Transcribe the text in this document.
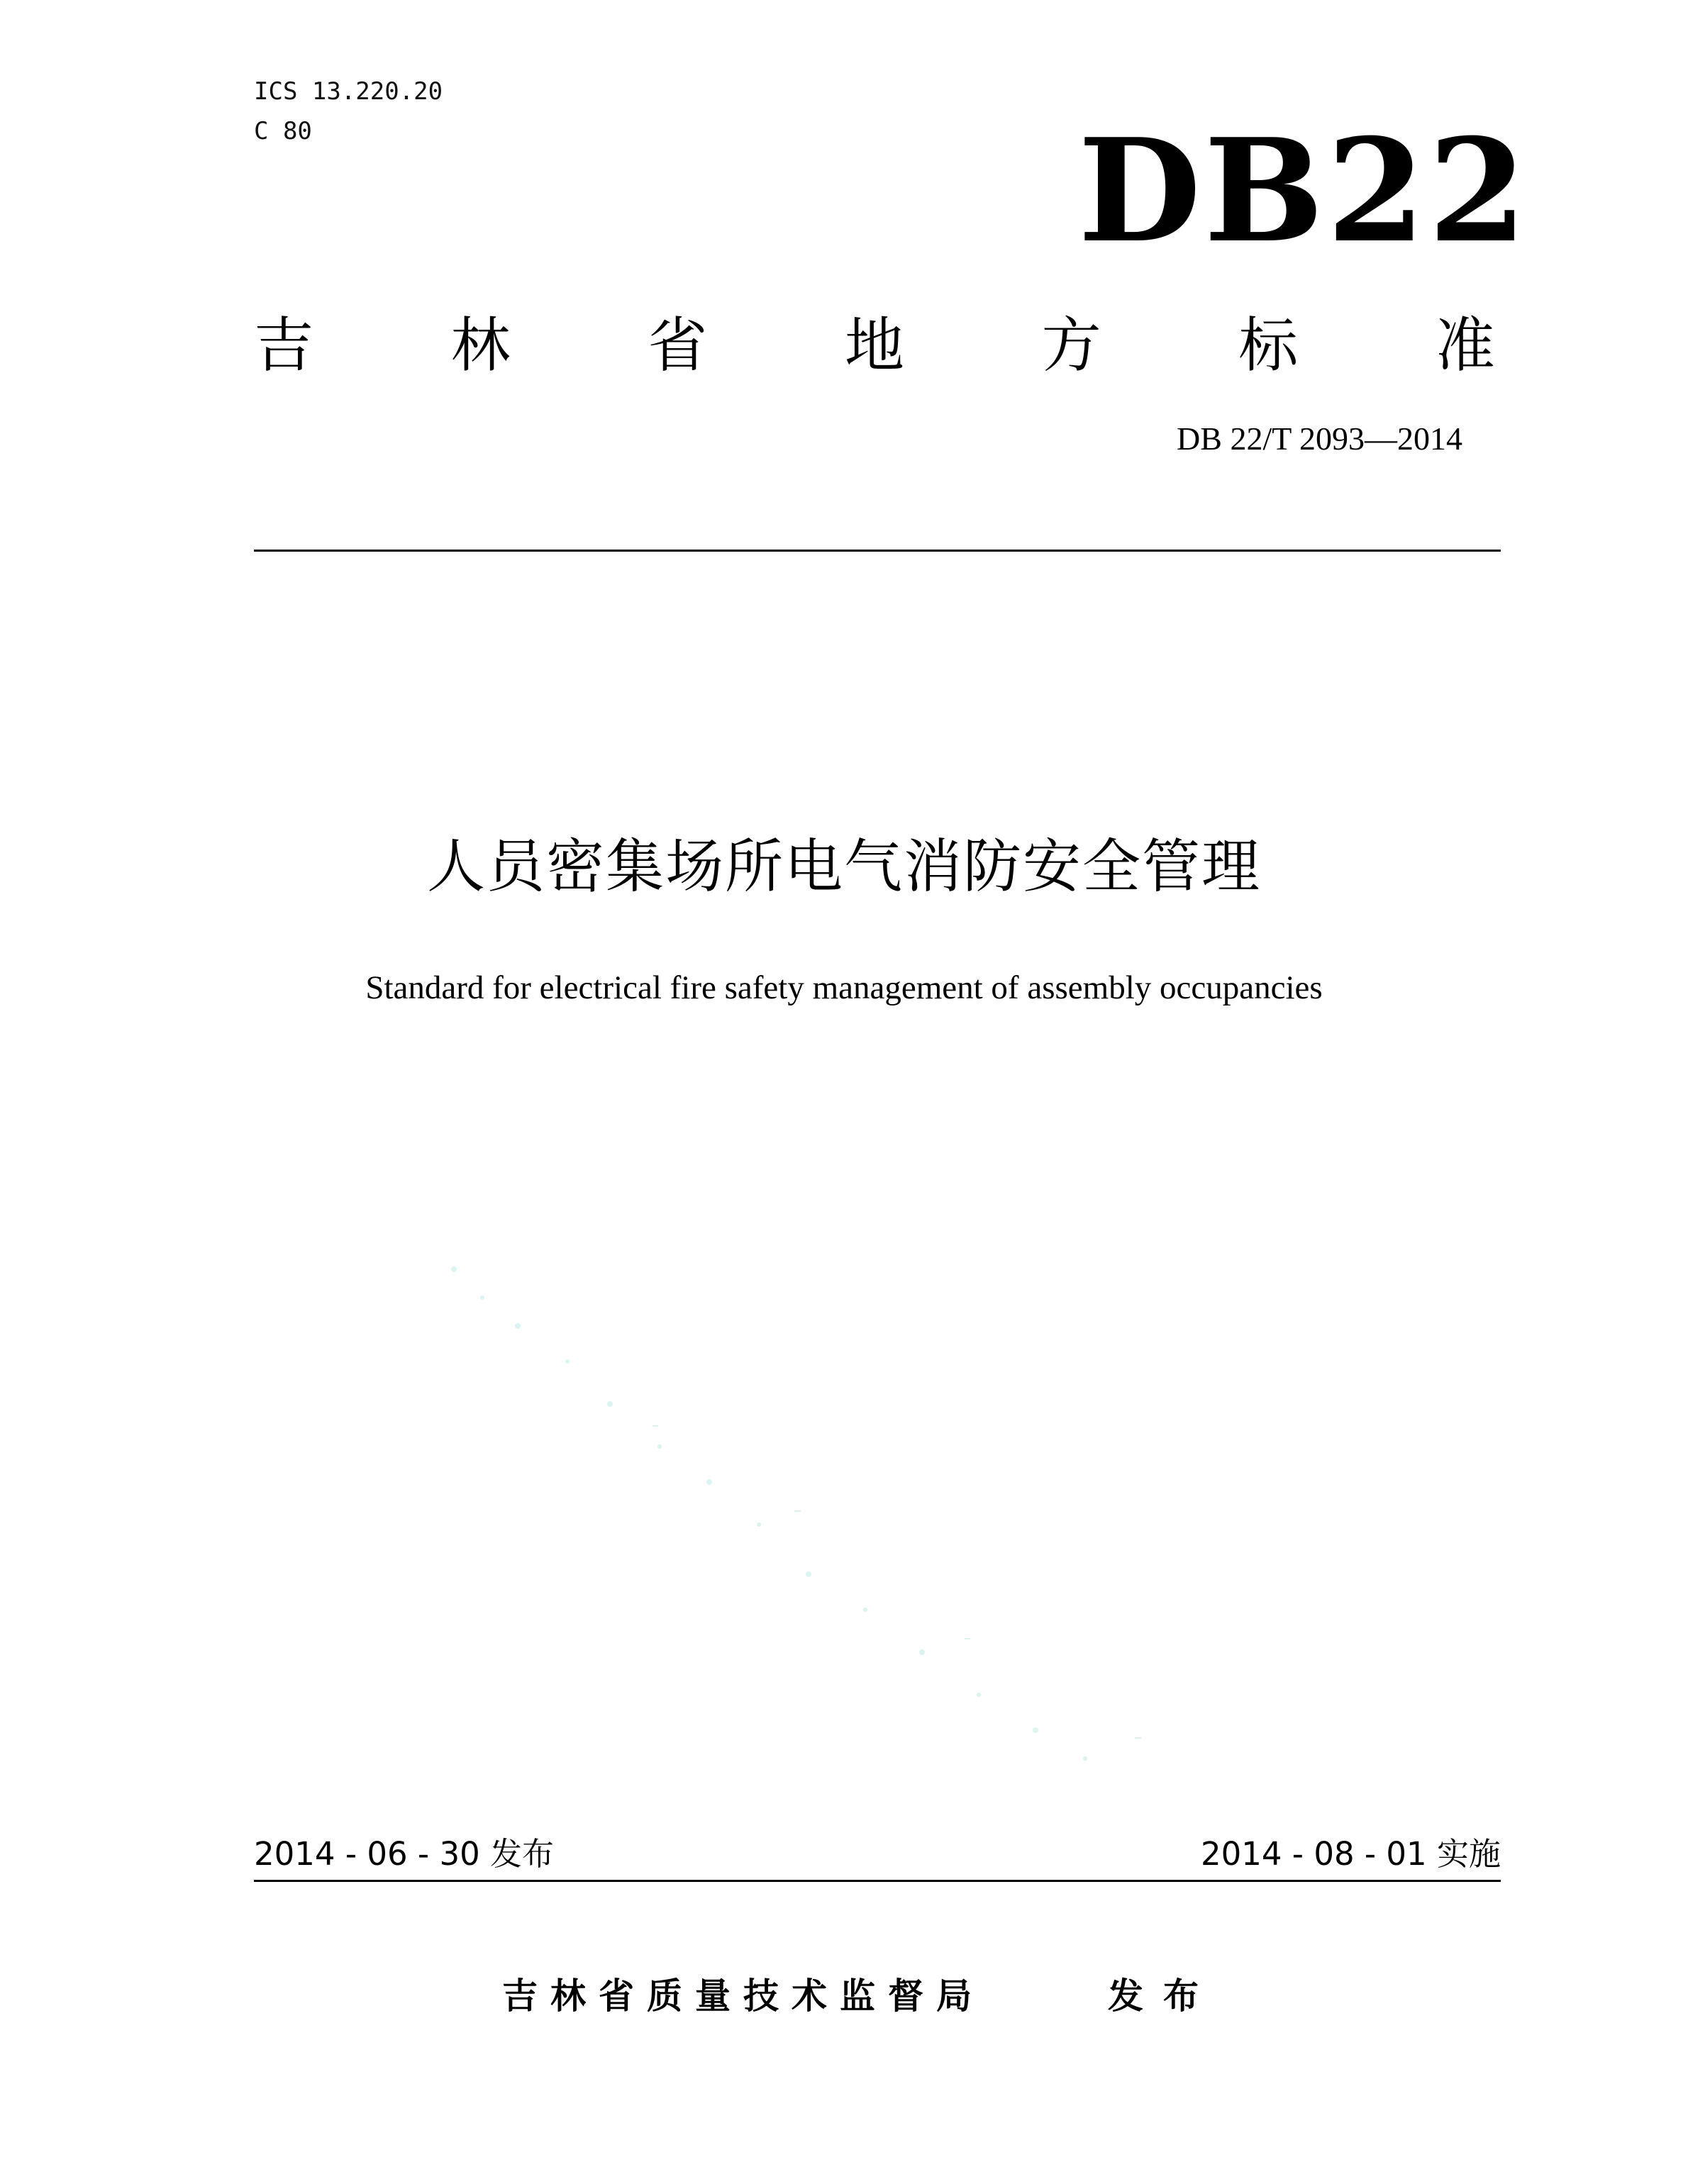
ICS 13.220.20
C 80	DB22
吉 林 省 地 方 标 准
DB 22/T 2093—2014
人员密集场所电气消防安全管理
Standard for electrical fire safety management of assembly occupancies
2014 - 06 - 30 发布	2014 - 08 - 01 实施
吉林省质量技术监督局	发布
